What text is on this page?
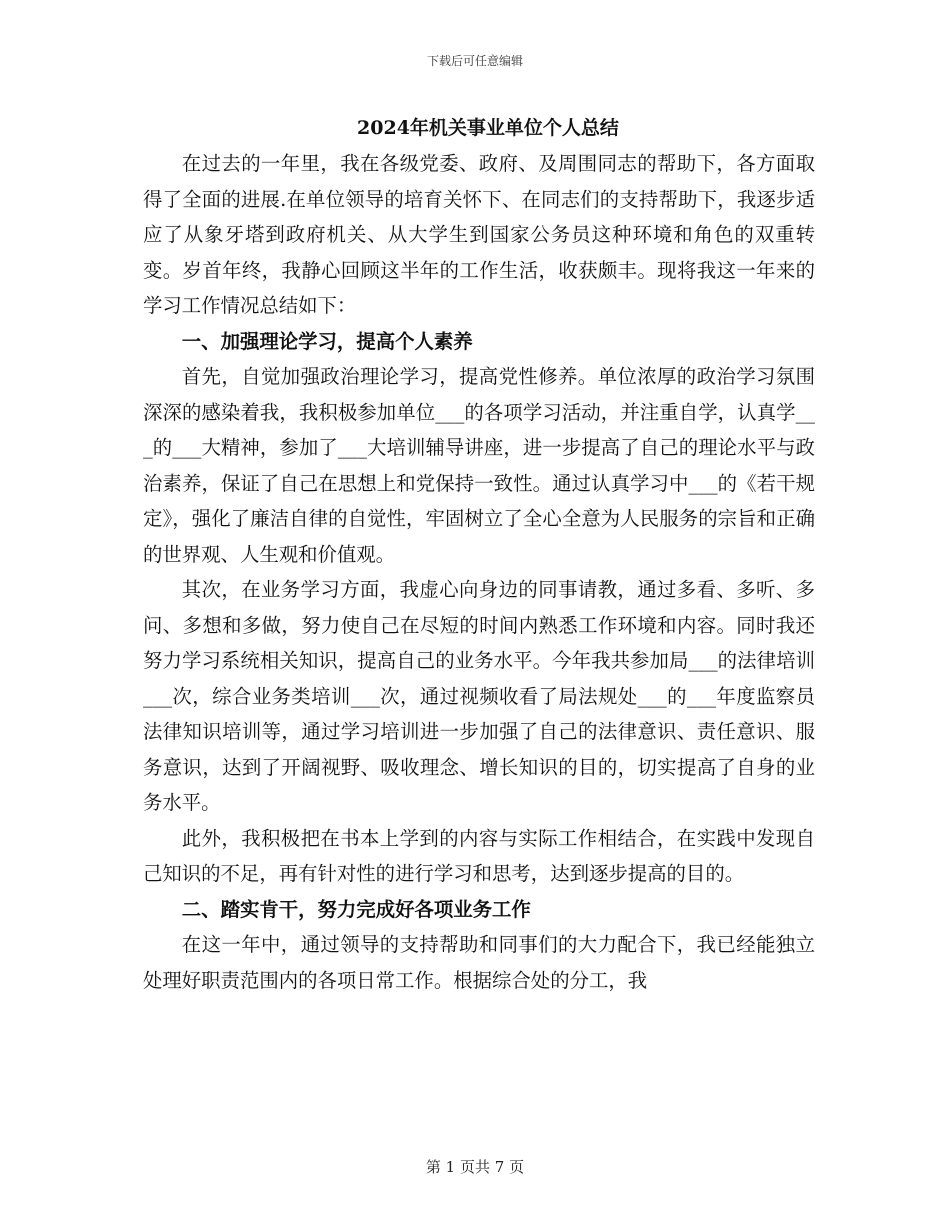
下载后可任意编辑
2024年机关事业单位个人总结

在过去的一年里，我在各级党委、政府、及周围同志的帮助下，各方面取得了全面的进展.在单位领导的培育关怀下、在同志们的支持帮助下，我逐步适应了从象牙塔到政府机关、从大学生到国家公务员这种环境和角色的双重转变。岁首年终，我静心回顾这半年的工作生活，收获颇丰。现将我这一年来的学习工作情况总结如下：

一、加强理论学习，提高个人素养

首先，自觉加强政治理论学习，提高党性修养。单位浓厚的政治学习氛围深深的感染着我，我积极参加单位___的各项学习活动，并注重自学，认真学___的___大精神，参加了___大培训辅导讲座，进一步提高了自己的理论水平与政治素养，保证了自己在思想上和党保持一致性。通过认真学习中___的《若干规定》，强化了廉洁自律的自觉性，牢固树立了全心全意为人民服务的宗旨和正确的世界观、人生观和价值观。

其次，在业务学习方面，我虚心向身边的同事请教，通过多看、多听、多问、多想和多做，努力使自己在尽短的时间内熟悉工作环境和内容。同时我还努力学习系统相关知识，提高自己的业务水平。今年我共参加局___的法律培训___次，综合业务类培训___次，通过视频收看了局法规处___的___年度监察员法律知识培训等，通过学习培训进一步加强了自己的法律意识、责任意识、服务意识，达到了开阔视野、吸收理念、增长知识的目的，切实提高了自身的业务水平。

此外，我积极把在书本上学到的内容与实际工作相结合，在实践中发现自己知识的不足，再有针对性的进行学习和思考，达到逐步提高的目的。

二、踏实肯干，努力完成好各项业务工作

在这一年中，通过领导的支持帮助和同事们的大力配合下，我已经能独立处理好职责范围内的各项日常工作。根据综合处的分工，我

第 1 页共 7 页
